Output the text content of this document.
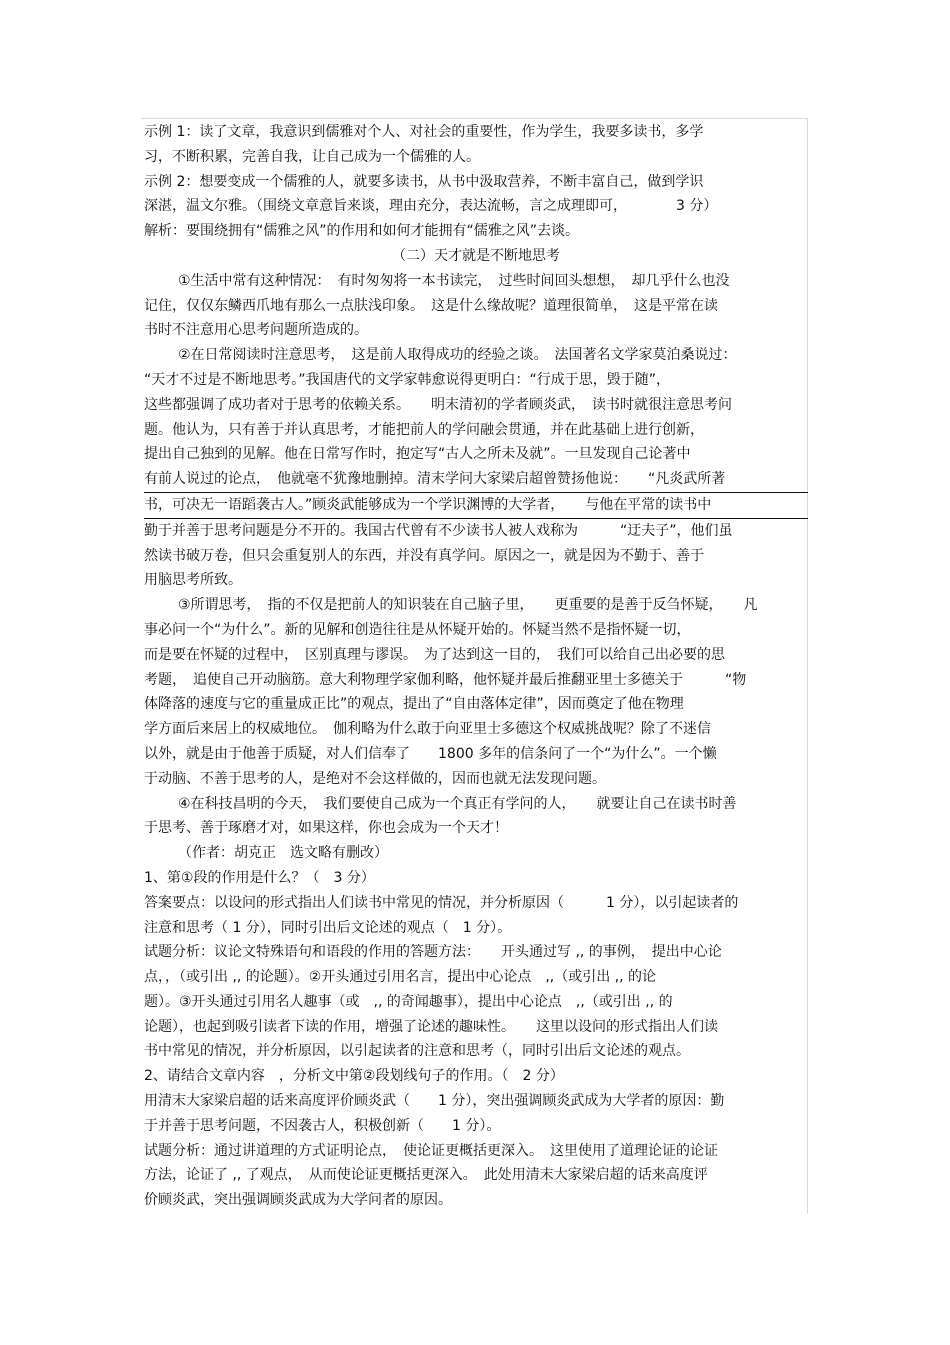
示例 1：读了文章，我意识到儒雅对个人、对社会的重要性，作为学生，我要多读书，多学
习，不断积累，完善自我，让自己成为一个儒雅的人。
示例 2：想要变成一个儒雅的人，就要多读书，从书中汲取营养，不断丰富自己，做到学识
深湛，温文尔雅。（围绕文章意旨来谈，理由充分，表达流畅，言之成理即可，　　　　3 分）
解析：要围绕拥有“儒雅之风”的作用和如何才能拥有“儒雅之风”去谈。
（二）天才就是不断地思考
①生活中常有这种情况：　有时匆匆将一本书读完，　过些时间回头想想，　却几乎什么也没
记住，仅仅东鳞西爪地有那么一点肤浅印象。　这是什么缘故呢？道理很简单，　这是平常在读
书时不注意用心思考问题所造成的。
②在日常阅读时注意思考，　这是前人取得成功的经验之谈。　法国著名文学家莫泊桑说过：
“天才不过是不断地思考。”我国唐代的文学家韩愈说得更明白：“行成于思，毁于随”，
这些都强调了成功者对于思考的依赖关系。　　明末清初的学者顾炎武，　读书时就很注意思考问
题。他认为，只有善于并认真思考，才能把前人的学问融会贯通，并在此基础上进行创新，
提出自己独到的见解。他在日常写作时，抱定写“古人之所未及就”。一旦发现自己论著中
有前人说过的论点，　他就毫不犹豫地删掉。清末学问大家梁启超曾赞扬他说：　　“凡炎武所著
书，可决无一语蹈袭古人。”顾炎武能够成为一个学识渊博的大学者，　　与他在平常的读书中
勤于并善于思考问题是分不开的。我国古代曾有不少读书人被人戏称为　　　“迂夫子”，他们虽
然读书破万卷，但只会重复别人的东西，并没有真学问。原因之一，就是因为不勤于、善于
用脑思考所致。
③所谓思考，　指的不仅是把前人的知识装在自己脑子里，　　更重要的是善于反刍怀疑，　　凡
事必问一个“为什么”。新的见解和创造往往是从怀疑开始的。怀疑当然不是指怀疑一切，
而是要在怀疑的过程中，　区别真理与谬误。　为了达到这一目的，　我们可以给自己出必要的思
考题，　追使自己开动脑筋。意大利物理学家伽利略，他怀疑并最后推翻亚里士多德关于　　　“物
体降落的速度与它的重量成正比”的观点，提出了“自由落体定律”，因而奠定了他在物理
学方面后来居上的权威地位。　伽利略为什么敢于向亚里士多德这个权威挑战呢？除了不迷信
以外，就是由于他善于质疑，对人们信奉了　　1800 多年的信条问了一个“为什么”。一个懒
于动脑、不善于思考的人，是绝对不会这样做的，因而也就无法发现问题。
④在科技昌明的今天，　我们要使自己成为一个真正有学问的人，　　就要让自己在读书时善
于思考、善于琢磨才对，如果这样，你也会成为一个天才！
（作者：胡克正　选文略有删改）
1、第①段的作用是什么？（　3 分）
答案要点：以设问的形式指出人们读书中常见的情况，并分析原因（　　　1 分），以引起读者的
注意和思考（ 1 分），同时引出后文论述的观点（　1 分）。
试题分析：议论文特殊语句和语段的作用的答题方法：　　开头通过写 ,, 的事例，　提出中心论
点，，（或引出 ,, 的论题）。②开头通过引用名言，提出中心论点　,,（或引出 ,, 的论
题）。③开头通过引用名人趣事（或　,, 的奇闻趣事），提出中心论点　,,（或引出 ,, 的
论题），也起到吸引读者下读的作用，增强了论述的趣味性。　　这里以设问的形式指出人们读
书中常见的情况，并分析原因，以引起读者的注意和思考（，同时引出后文论述的观点。
2、请结合文章内容　，分析文中第②段划线句子的作用。（　2 分）
用清末大家梁启超的话来高度评价顾炎武（　　1 分），突出强调顾炎武成为大学者的原因：勤
于并善于思考问题，不因袭古人，积极创新（　　1 分）。
试题分析：通过讲道理的方式证明论点，　使论证更概括更深入。　这里使用了道理论证的论证
方法，论证了 ,, 了观点，　从而使论证更概括更深入。　此处用清末大家梁启超的话来高度评
价顾炎武，突出强调顾炎武成为大学问者的原因。
